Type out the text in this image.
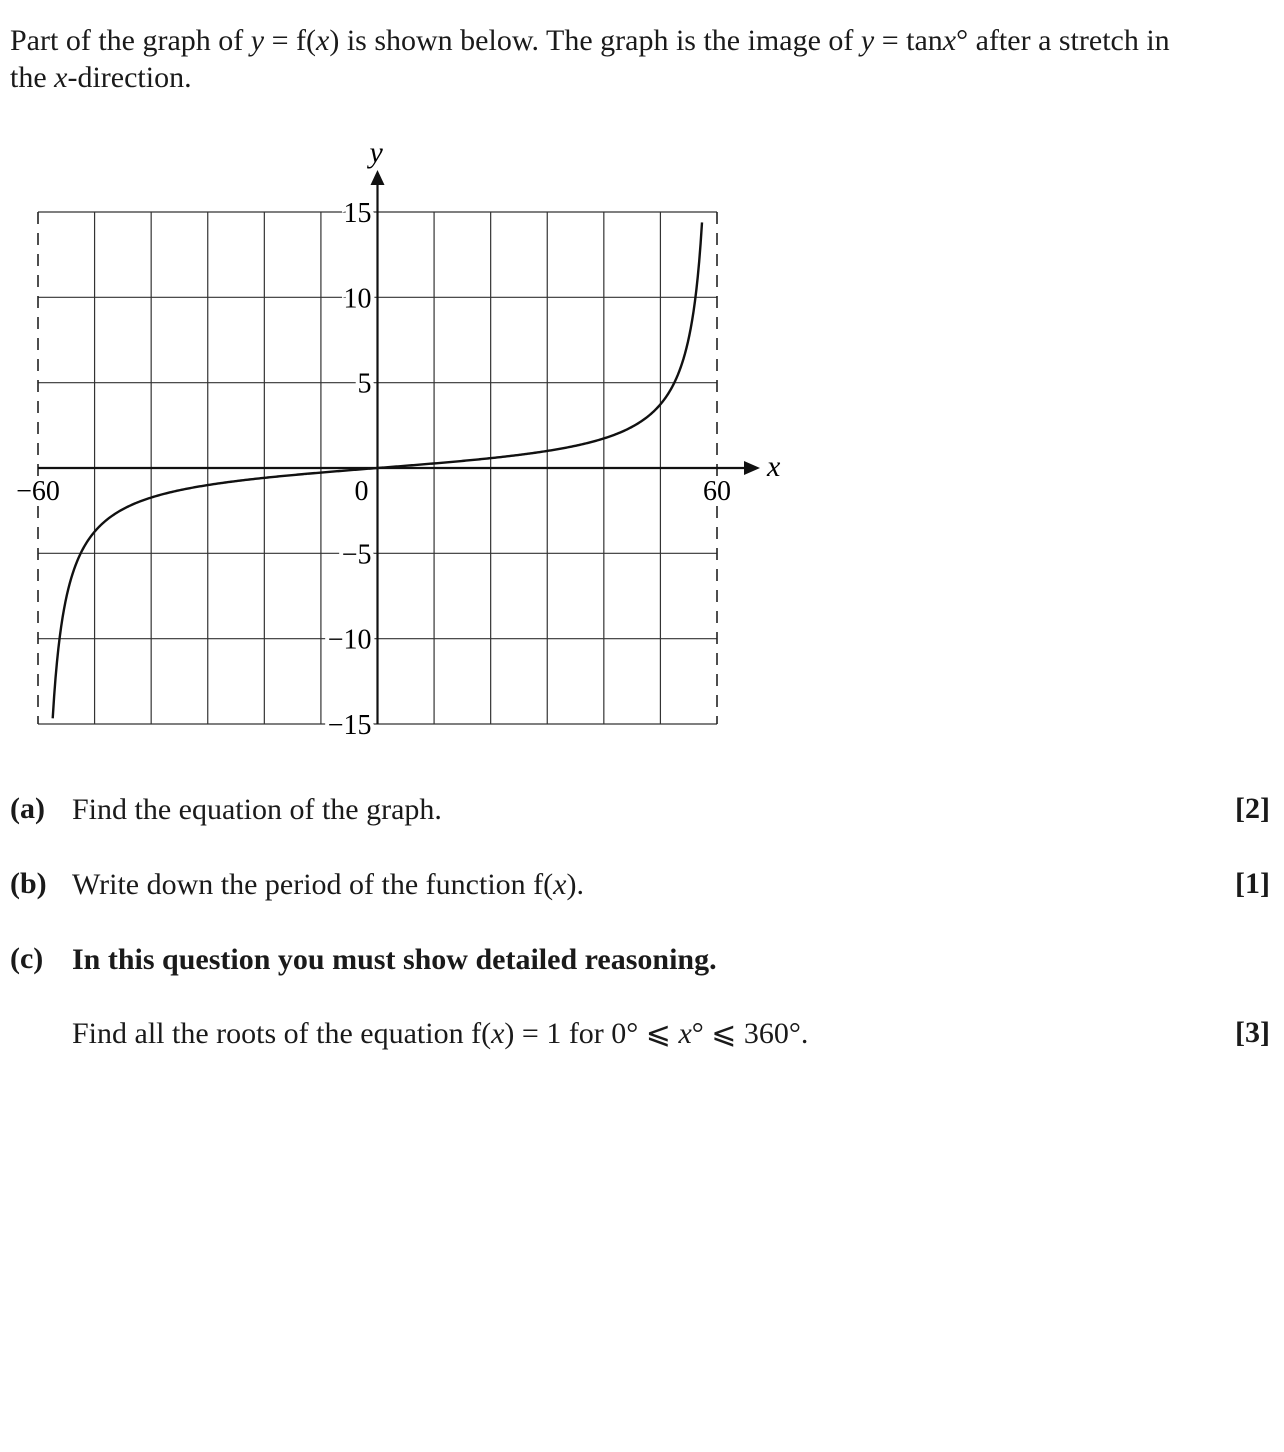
Part of the graph of y = f(x) is shown below. The graph is the image of y = tanx° after a stretch in
the x-direction.
x
y
15
10
5
−5
−10
−15
−60	0	60
(a) Find the equation of the graph.	[2]
(b) Write down the period of the function f(x).	[1]
(c) In this question you must show detailed reasoning.
Find all the roots of the equation f(x) = 1 for 0° ⩽ x° ⩽ 360°.	[3]
